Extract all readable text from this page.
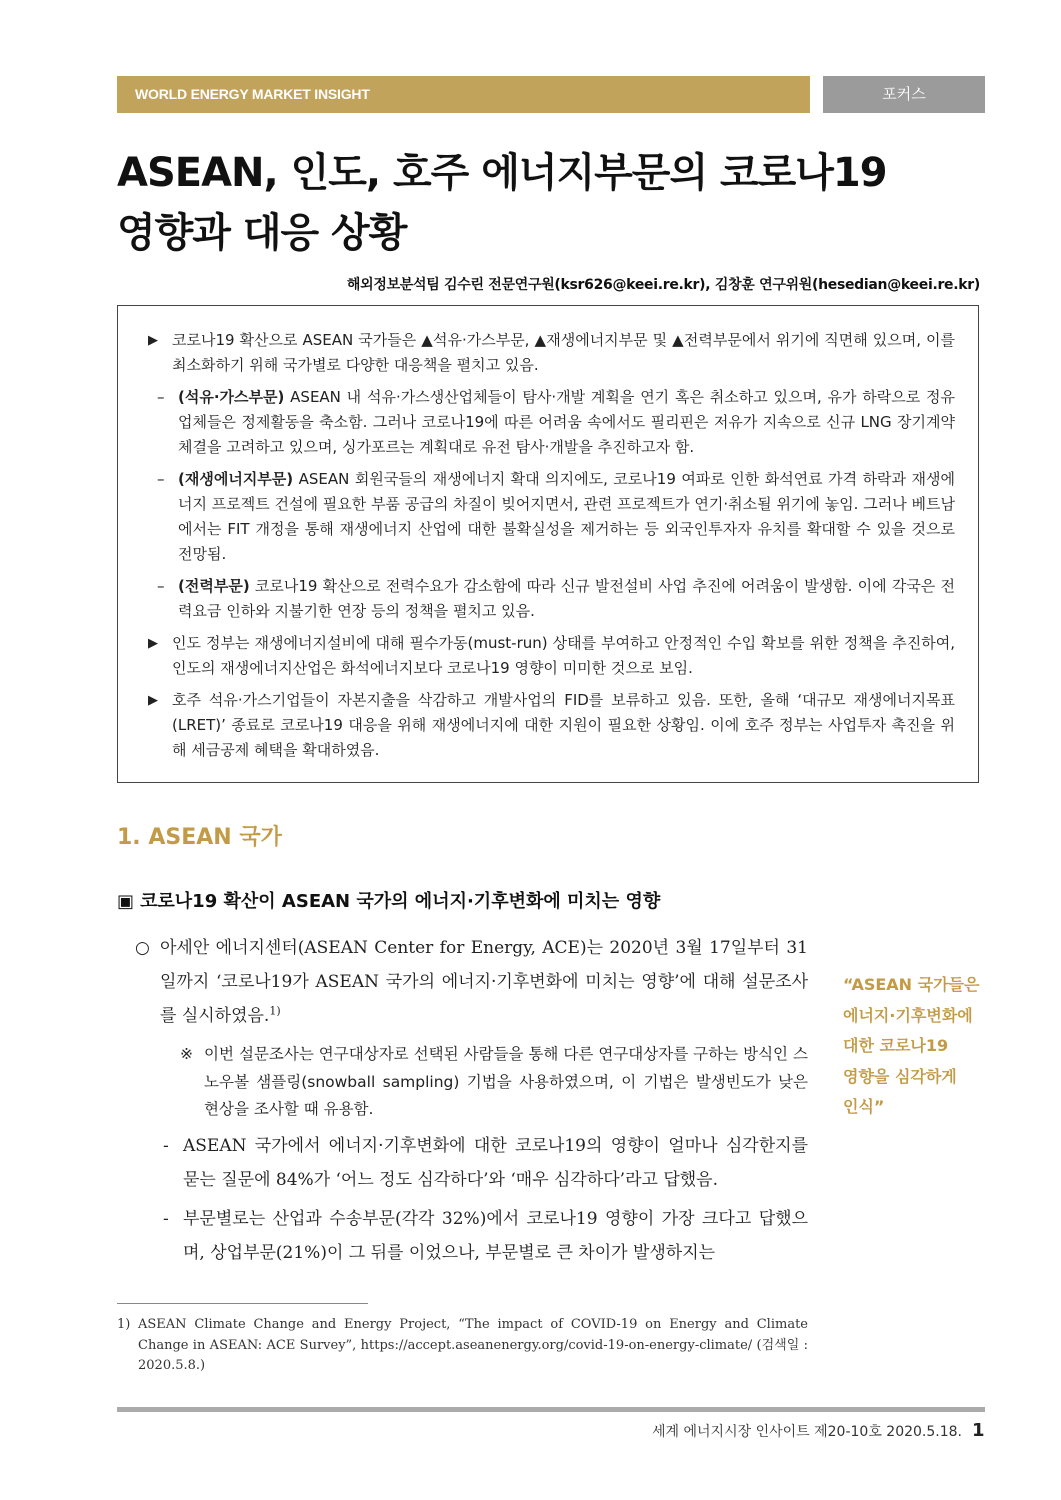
WORLD ENERGY MARKET INSIGHT	포커스
ASEAN, 인도, 호주 에너지부문의 코로나19
영향과 대응 상황
해외정보분석팀 김수린 전문연구원(ksr626@keei.re.kr), 김창훈 연구위원(hesedian@keei.re.kr)
▶ 코로나19 확산으로 ASEAN 국가들은 ▲석유·가스부문, ▲재생에너지부문 및 ▲전력부문에서 위기에 직면해 있으며, 이를 최소화하기 위해 국가별로 다양한 대응책을 펼치고 있음.
– (석유·가스부문) ASEAN 내 석유·가스생산업체들이 탐사·개발 계획을 연기 혹은 취소하고 있으며, 유가 하락으로 정유업체들은 정제활동을 축소함. 그러나 코로나19에 따른 어려움 속에서도 필리핀은 저유가 지속으로 신규 LNG 장기계약 체결을 고려하고 있으며, 싱가포르는 계획대로 유전 탐사·개발을 추진하고자 함.
– (재생에너지부문) ASEAN 회원국들의 재생에너지 확대 의지에도, 코로나19 여파로 인한 화석연료 가격 하락과 재생에너지 프로젝트 건설에 필요한 부품 공급의 차질이 빚어지면서, 관련 프로젝트가 연기·취소될 위기에 놓임. 그러나 베트남에서는 FIT 개정을 통해 재생에너지 산업에 대한 불확실성을 제거하는 등 외국인투자자 유치를 확대할 수 있을 것으로 전망됨.
– (전력부문) 코로나19 확산으로 전력수요가 감소함에 따라 신규 발전설비 사업 추진에 어려움이 발생함. 이에 각국은 전력요금 인하와 지불기한 연장 등의 정책을 펼치고 있음.
▶ 인도 정부는 재생에너지설비에 대해 필수가동(must-run) 상태를 부여하고 안정적인 수입 확보를 위한 정책을 추진하여, 인도의 재생에너지산업은 화석에너지보다 코로나19 영향이 미미한 것으로 보임.
▶ 호주 석유·가스기업들이 자본지출을 삭감하고 개발사업의 FID를 보류하고 있음. 또한, 올해 ‘대규모 재생에너지목표(LRET)’ 종료로 코로나19 대응을 위해 재생에너지에 대한 지원이 필요한 상황임. 이에 호주 정부는 사업투자 촉진을 위해 세금공제 혜택을 확대하였음.
1. ASEAN 국가
▣ 코로나19 확산이 ASEAN 국가의 에너지·기후변화에 미치는 영향
○ 아세안 에너지센터(ASEAN Center for Energy, ACE)는 2020년 3월 17일부터 31일까지 ‘코로나19가 ASEAN 국가의 에너지·기후변화에 미치는 영향’에 대해 설문조사를 실시하였음.$^{1)}$
※ 이번 설문조사는 연구대상자로 선택된 사람들을 통해 다른 연구대상자를 구하는 방식인 스노우볼 샘플링(snowball sampling) 기법을 사용하였으며, 이 기법은 발생빈도가 낮은 현상을 조사할 때 유용함.
- ASEAN 국가에서 에너지·기후변화에 대한 코로나19의 영향이 얼마나 심각한지를 묻는 질문에 84%가 ‘어느 정도 심각하다’와 ‘매우 심각하다’라고 답했음.
- 부문별로는 산업과 수송부문(각각 32%)에서 코로나19 영향이 가장 크다고 답했으며, 상업부문(21%)이 그 뒤를 이었으나, 부문별로 큰 차이가 발생하지는
“ASEAN 국가들은
에너지·기후변화에
대한 코로나19
영향을 심각하게
인식”
1) ASEAN Climate Change and Energy Project, “The impact of COVID-19 on Energy and Climate Change in ASEAN: ACE Survey”, https://accept.aseanenergy.org/covid-19-on-energy-climate/ (검색일 : 2020.5.8.)
세계 에너지시장 인사이트 제20-10호 2020.5.18. 1
